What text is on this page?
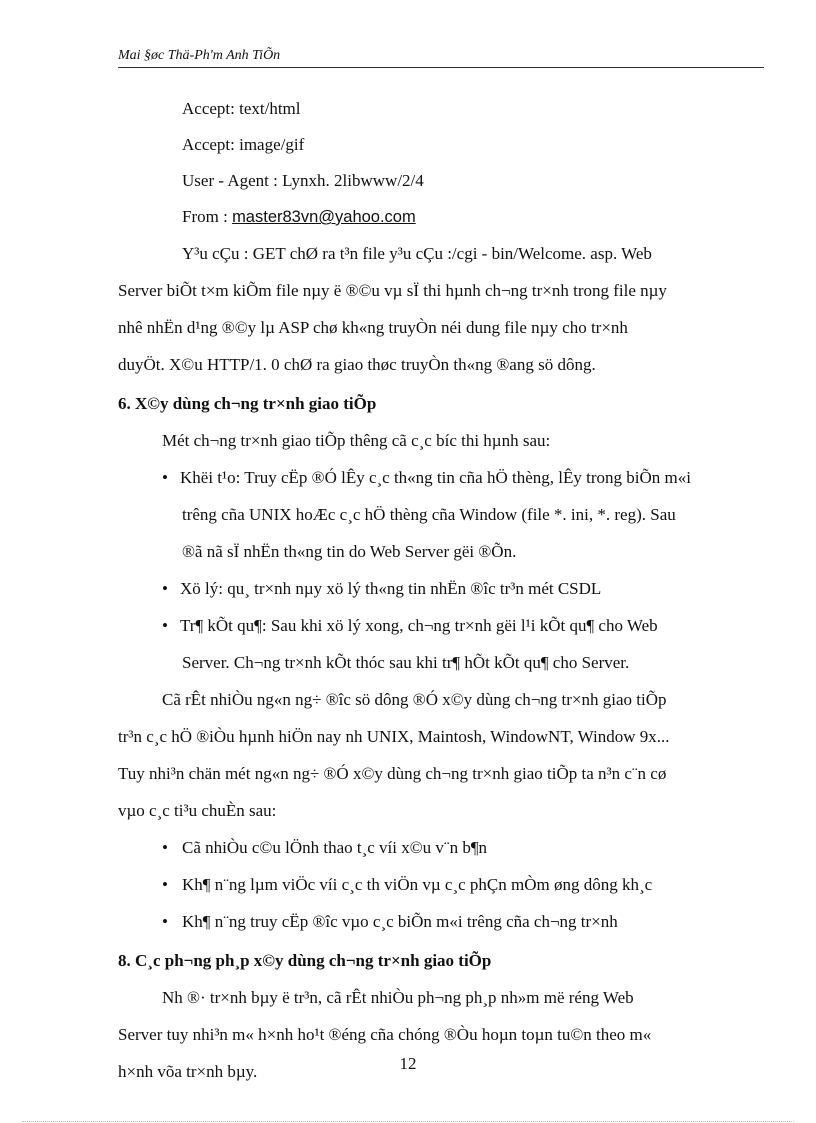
Mai §øc Thä-Ph'm Anh TiÕn
Accept: text/html
Accept: image/gif
User - Agent : Lynxh. 2libwww/2/4
From : master83vn@yahoo.com
Y³u cÇu : GET chØ ra t³n file y³u cÇu :/cgi - bin/Welcome. asp. Web
Server biÕt t×m kiÕm file nµy ë ®©u vµ sÏ thi hµnh ch¬ng tr×nh trong file nµy
nhê nhËn d¹ng ®©y lµ ASP chø kh«ng truyÒn néi dung file nµy cho tr×nh
duyÖt. X©u HTTP/1. 0 chØ ra giao thøc truyÒn th«ng ®ang sö dông.
6. X©y dùng ch¬ng tr×nh giao tiÕp
Mét ch¬ng tr×nh giao tiÕp thêng cã c¸c bíc thi hµnh sau:
• Khëi t¹o: Truy cËp ®Ó lÊy c¸c th«ng tin cña hÖ thèng, lÊy trong biÕn m«i
trêng cña UNIX hoÆc c¸c hÖ thèng cña Window (file *. ini, *. reg). Sau
®ã nã sÏ nhËn th«ng tin do Web Server gëi ®Õn.
• Xö lý: qu¸ tr×nh nµy xö lý th«ng tin nhËn ®îc tr³n mét CSDL
• Tr¶ kÕt qu¶: Sau khi xö lý xong, ch¬ng tr×nh gëi l¹i kÕt qu¶ cho Web
Server. Ch¬ng tr×nh kÕt thóc sau khi tr¶ hÕt kÕt qu¶ cho Server.
Cã rÊt nhiÒu ng«n ng÷ ®îc sö dông ®Ó x©y dùng ch¬ng tr×nh giao tiÕp
tr³n c¸c hÖ ®iÒu hµnh hiÖn nay nh UNIX, Maintosh, WindowNT, Window 9x...
Tuy nhi³n chän mét ng«n ng÷ ®Ó x©y dùng ch¬ng tr×nh giao tiÕp ta n³n c¨n cø
vµo c¸c ti³u chuÈn sau:
• Cã nhiÒu c©u lÖnh thao t¸c víi x©u v¨n b¶n
• Kh¶ n¨ng lµm viÖc víi c¸c th viÖn vµ c¸c phÇn mÒm øng dông kh¸c
• Kh¶ n¨ng truy cËp ®îc vµo c¸c biÕn m«i trêng cña ch¬ng tr×nh
8. C¸c ph¬ng ph¸p x©y dùng ch¬ng tr×nh giao tiÕp
Nh ®· tr×nh bµy ë tr³n, cã rÊt nhiÒu ph¬ng ph¸p nh»m më réng Web
Server tuy nhi³n m« h×nh ho¹t ®éng cña chóng ®Òu hoµn toµn tu©n theo m«
h×nh võa tr×nh bµy.	12
